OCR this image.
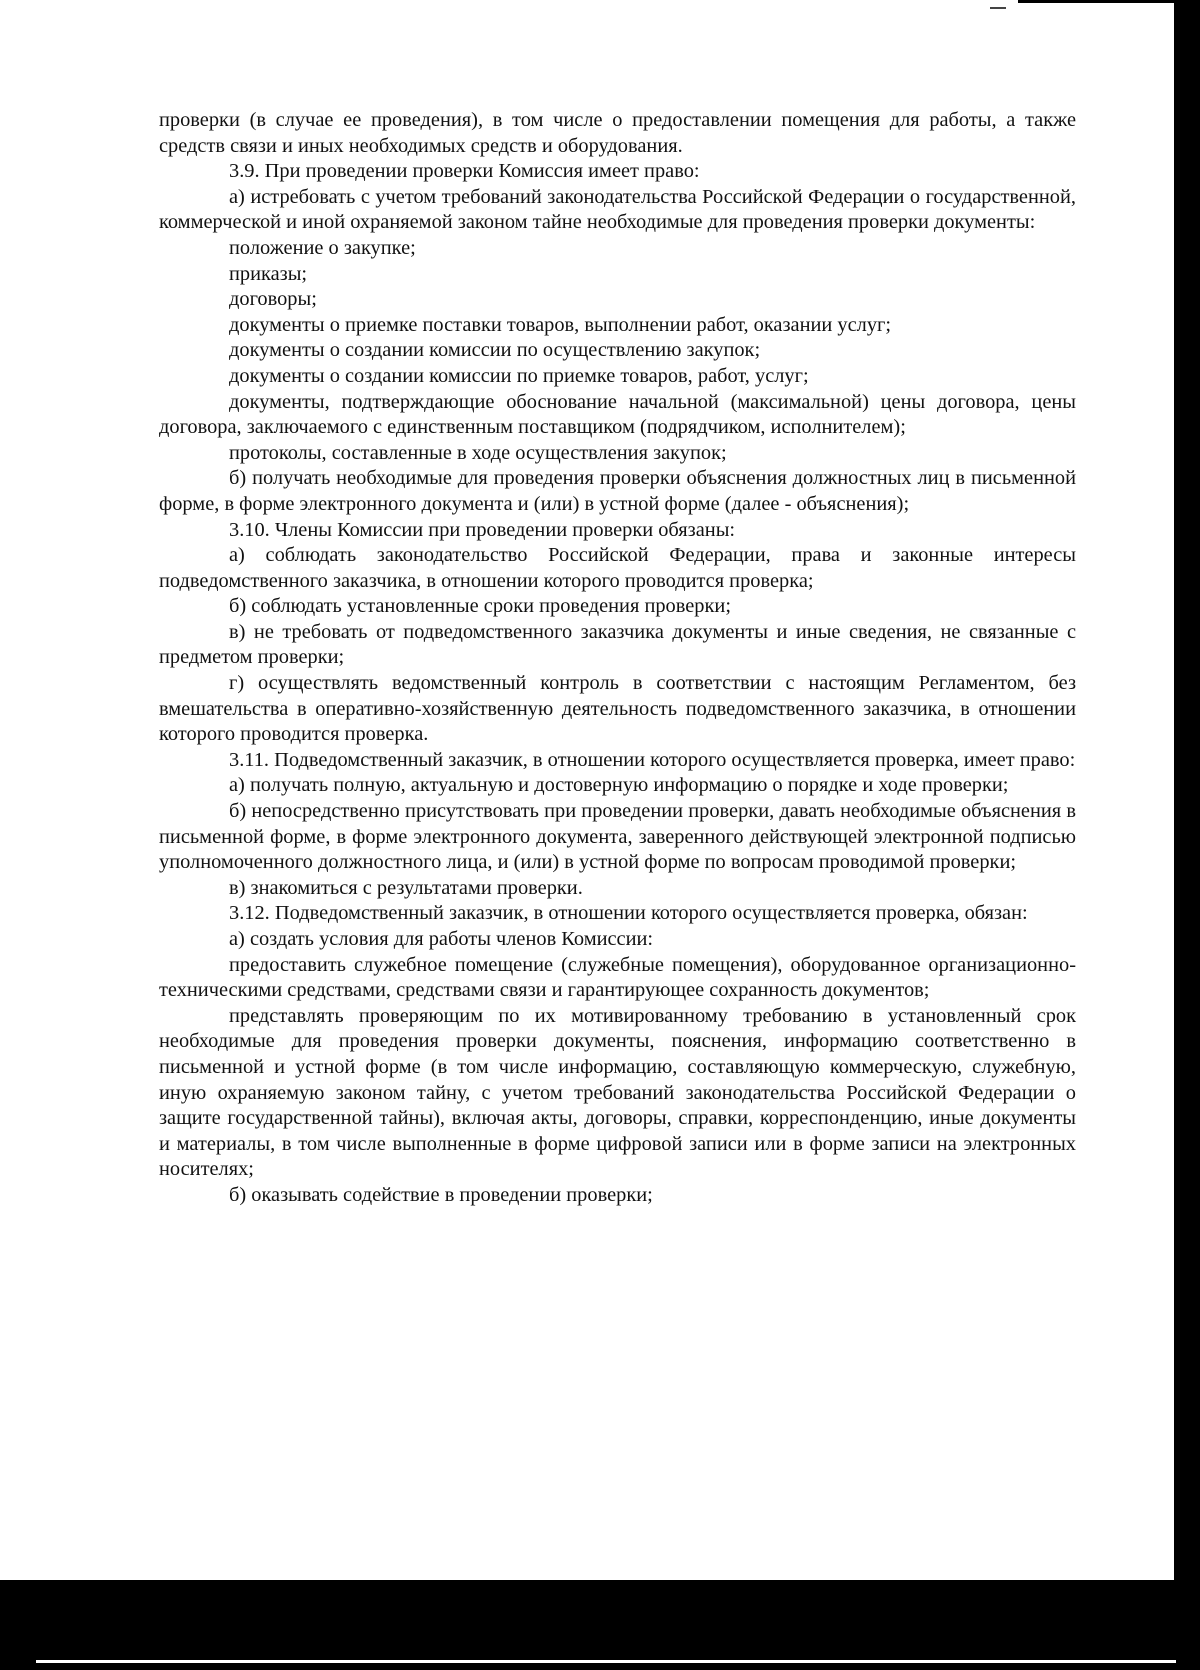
проверки (в случае ее проведения), в том числе о предоставлении помещения для работы, а также средств связи и иных необходимых средств и оборудования.

3.9. При проведении проверки Комиссия имеет право:

а) истребовать с учетом требований законодательства Российской Федерации о государственной, коммерческой и иной охраняемой законом тайне необходимые для проведения проверки документы:

положение о закупке;

приказы;

договоры;

документы о приемке поставки товаров, выполнении работ, оказании услуг;

документы о создании комиссии по осуществлению закупок;

документы о создании комиссии по приемке товаров, работ, услуг;

документы, подтверждающие обоснование начальной (максимальной) цены договора, цены договора, заключаемого с единственным поставщиком (подрядчиком, исполнителем);

протоколы, составленные в ходе осуществления закупок;

б) получать необходимые для проведения проверки объяснения должностных лиц в письменной форме, в форме электронного документа и (или) в устной форме (далее - объяснения);

3.10. Члены Комиссии при проведении проверки обязаны:

а) соблюдать законодательство Российской Федерации, права и законные интересы подведомственного заказчика, в отношении которого проводится проверка;

б) соблюдать установленные сроки проведения проверки;

в) не требовать от подведомственного заказчика документы и иные сведения, не связанные с предметом проверки;

г) осуществлять ведомственный контроль в соответствии с настоящим Регламентом, без вмешательства в оперативно-хозяйственную деятельность подведомственного заказчика, в отношении которого проводится проверка.

3.11. Подведомственный заказчик, в отношении которого осуществляется проверка, имеет право:

а) получать полную, актуальную и достоверную информацию о порядке и ходе проверки;

б) непосредственно присутствовать при проведении проверки, давать необходимые объяснения в письменной форме, в форме электронного документа, заверенного действующей электронной подписью уполномоченного должностного лица, и (или) в устной форме по вопросам проводимой проверки;

в) знакомиться с результатами проверки.

3.12. Подведомственный заказчик, в отношении которого осуществляется проверка, обязан:

а) создать условия для работы членов Комиссии:

предоставить служебное помещение (служебные помещения), оборудованное организационно-техническими средствами, средствами связи и гарантирующее сохранность документов;

представлять проверяющим по их мотивированному требованию в установленный срок необходимые для проведения проверки документы, пояснения, информацию соответственно в письменной и устной форме (в том числе информацию, составляющую коммерческую, служебную, иную охраняемую законом тайну, с учетом требований законодательства Российской Федерации о защите государственной тайны), включая акты, договоры, справки, корреспонденцию, иные документы и материалы, в том числе выполненные в форме цифровой записи или в форме записи на электронных носителях;

б) оказывать содействие в проведении проверки;
